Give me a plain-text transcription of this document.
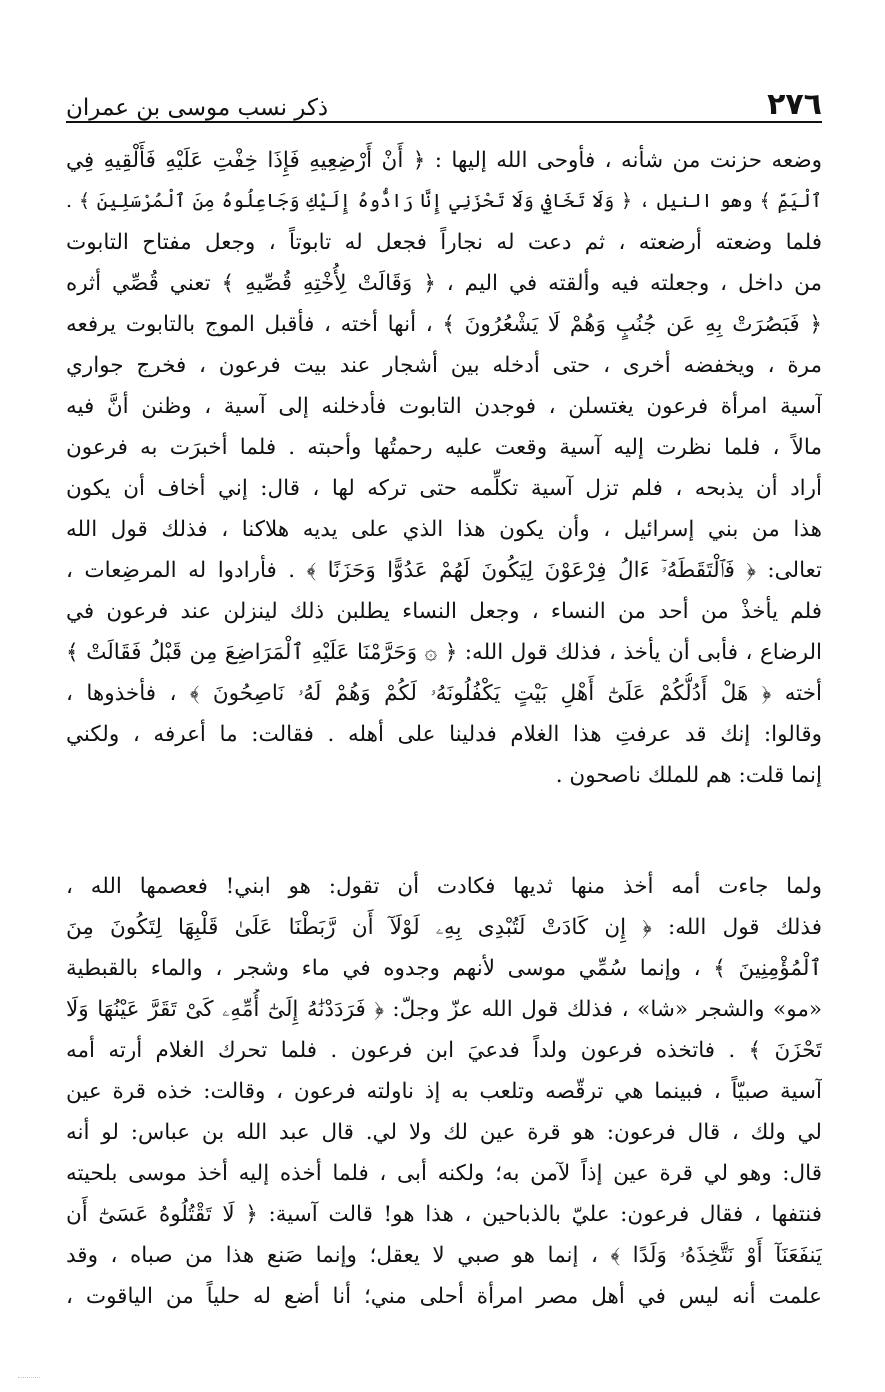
٢٧٦
ذكر نسب موسى بن عمران
وضعه حزنت من شأنه ، فأوحى الله إليها : ﴿ أَنْ أَرْضِعِيهِ فَإِذَا خِفْتِ عَلَيْهِ فَأَلْقِيهِ فِي
ٱلْيَمِّ ﴾ وهو النيل ، ﴿ وَلَا تَخَافِي وَلَا تَحْزَنِي إِنَّا رَادُّوهُ إِلَيْكِ وَجَاعِلُوهُ مِنَ ٱلْمُرْسَلِينَ ﴾ .
فلما وضعته أرضعته ، ثم دعت له نجاراً فجعل له تابوتاً ، وجعل مفتاح التابوت
من داخل ، وجعلته فيه وألقته في اليم ، ﴿ وَقَالَتْ لِأُخْتِهِ قُصِّيهِ ﴾ تعني قُصِّي أثره
﴿ فَبَصُرَتْ بِهِ عَن جُنُبٍ وَهُمْ لَا يَشْعُرُونَ ﴾ ، أنها أخته ، فأقبل الموج بالتابوت يرفعه
مرة ، ويخفضه أخرى ، حتى أدخله بين أشجار عند بيت فرعون ، فخرج جواري
آسية امرأة فرعون يغتسلن ، فوجدن التابوت فأدخلنه إلى آسية ، وظنن أنَّ فيه
مالاً ، فلما نظرت إليه آسية وقعت عليه رحمتُها وأحبته . فلما أخبرَت به فرعون
أراد أن يذبحه ، فلم تزل آسية تكلِّمه حتى تركه لها ، قال: إني أخاف أن يكون
هذا من بني إسرائيل ، وأن يكون هذا الذي على يديه هلاكنا ، فذلك قول الله
تعالى: ﴿ فَٱلْتَقَطَهُۥٓ ءَالُ فِرْعَوْنَ لِيَكُونَ لَهُمْ عَدُوًّا وَحَزَنًا ﴾ . فأرادوا له المرضِعات ،
فلم يأخذْ من أحد من النساء ، وجعل النساء يطلبن ذلك لينزلن عند فرعون في
الرضاع ، فأبى أن يأخذ ، فذلك قول الله: ﴿ ۞ وَحَرَّمْنَا عَلَيْهِ ٱلْمَرَاضِعَ مِن قَبْلُ فَقَالَتْ ﴾
أخته ﴿ هَلْ أَدُلُّكُمْ عَلَىٰٓ أَهْلِ بَيْتٍ يَكْفُلُونَهُۥ لَكُمْ وَهُمْ لَهُۥ نَاصِحُونَ ﴾ ، فأخذوها ،
وقالوا: إنك قد عرفتِ هذا الغلام فدلينا على أهله . فقالت: ما أعرفه ، ولكني
إنما قلت: هم للملك ناصحون .
ولما جاءت أمه أخذ منها ثديها فكادت أن تقول: هو ابني! فعصمها الله ،
فذلك قول الله: ﴿ إِن كَادَتْ لَتُبْدِى بِهِۦ لَوْلَآ أَن رَّبَطْنَا عَلَىٰ قَلْبِهَا لِتَكُونَ مِنَ
ٱلْمُؤْمِنِينَ ﴾ ، وإنما سُمِّي موسى لأنهم وجدوه في ماء وشجر ، والماء بالقبطية
«مو» والشجر «شا» ، فذلك قول الله عزّ وجلّ: ﴿ فَرَدَدْنَٰهُ إِلَىٰٓ أُمِّهِۦ كَىْ تَقَرَّ عَيْنُهَا وَلَا
تَحْزَنَ ﴾ . فاتخذه فرعون ولداً فدعيَ ابن فرعون . فلما تحرك الغلام أرته أمه
آسية صبيّاً ، فبينما هي ترقّصه وتلعب به إذ ناولته فرعون ، وقالت: خذه قرة عين
لي ولك ، قال فرعون: هو قرة عين لك ولا لي. قال عبد الله بن عباس: لو أنه
قال: وهو لي قرة عين إذاً لآمن به؛ ولكنه أبى ، فلما أخذه إليه أخذ موسى بلحيته
فنتفها ، فقال فرعون: عليّ بالذباحين ، هذا هو! قالت آسية: ﴿ لَا تَقْتُلُوهُ عَسَىٰٓ أَن
يَنفَعَنَآ أَوْ نَتَّخِذَهُۥ وَلَدًا ﴾ ، إنما هو صبي لا يعقل؛ وإنما صَنع هذا من صباه ، وقد
علمت أنه ليس في أهل مصر امرأة أحلى مني؛ أنا أضع له حلياً من الياقوت ،
